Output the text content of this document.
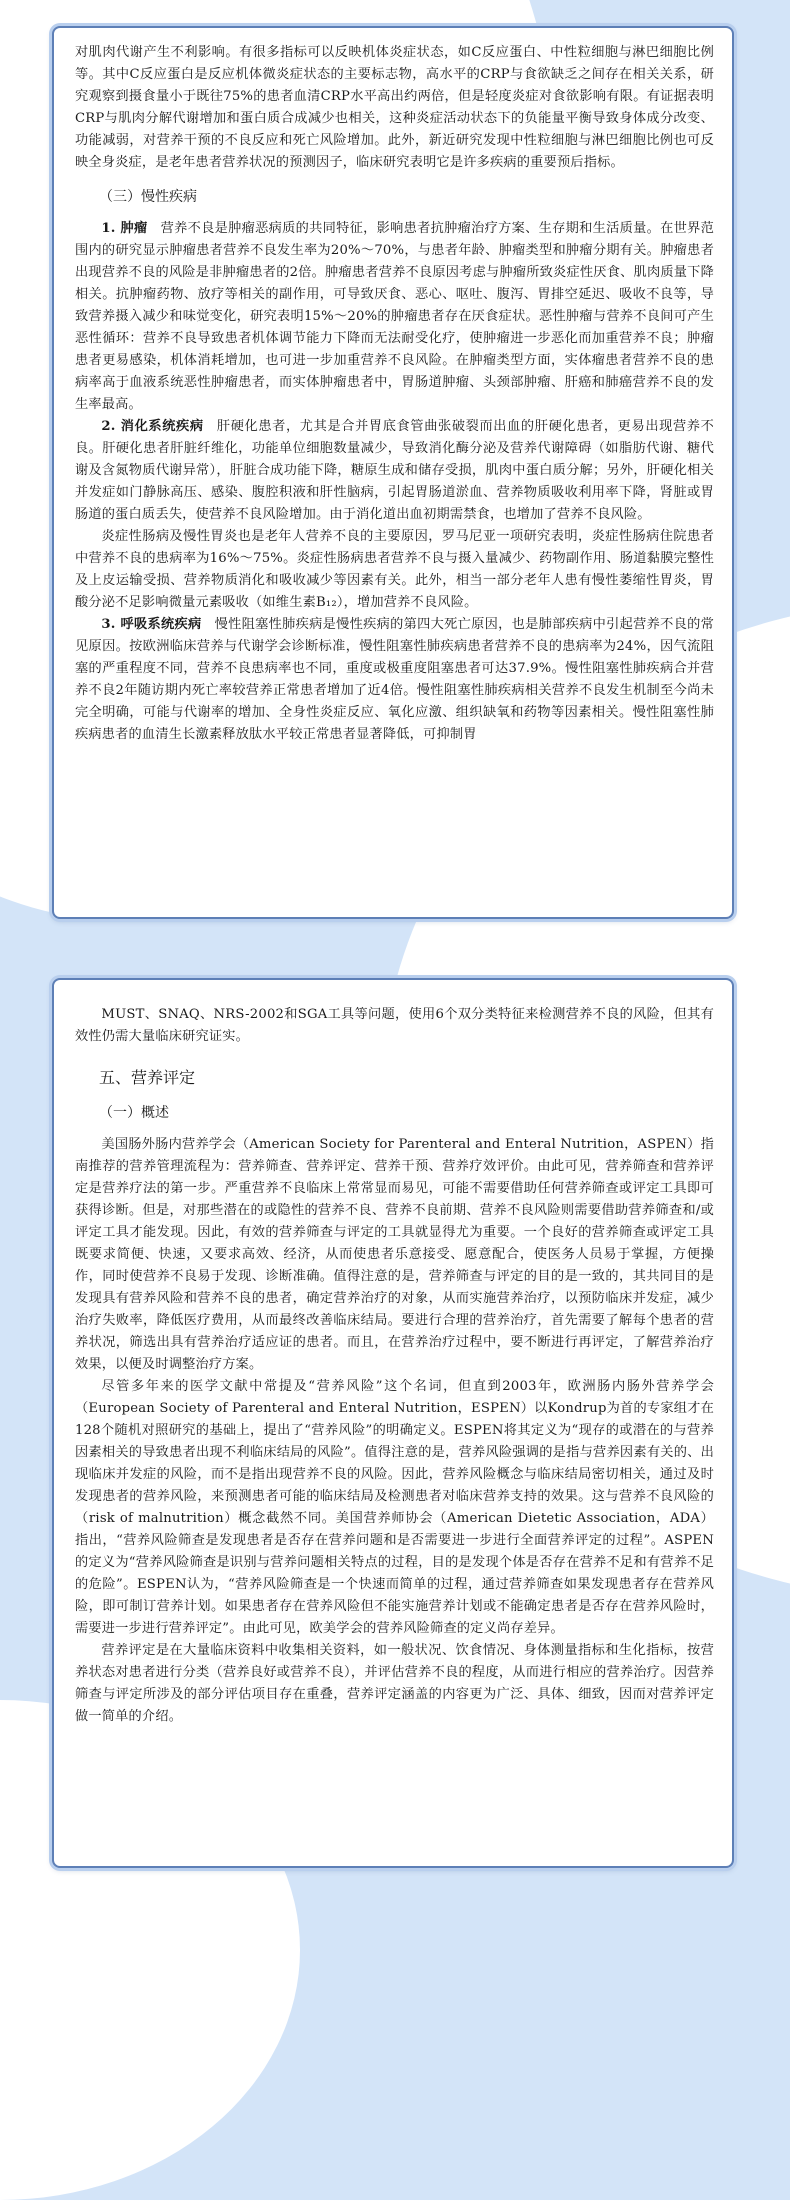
对肌肉代谢产生不利影响。有很多指标可以反映机体炎症状态，如C反应蛋白、中性粒细胞与淋巴细胞比例等。其中C反应蛋白是反应机体微炎症状态的主要标志物，高水平的CRP与食欲缺乏之间存在相关关系，研究观察到摄食量小于既往75%的患者血清CRP水平高出约两倍，但是轻度炎症对食欲影响有限。有证据表明CRP与肌肉分解代谢增加和蛋白质合成减少也相关，这种炎症活动状态下的负能量平衡导致身体成分改变、功能减弱，对营养干预的不良反应和死亡风险增加。此外，新近研究发现中性粒细胞与淋巴细胞比例也可反映全身炎症，是老年患者营养状况的预测因子，临床研究表明它是许多疾病的重要预后指标。

（三）慢性疾病

1. 肿瘤 营养不良是肿瘤恶病质的共同特征，影响患者抗肿瘤治疗方案、生存期和生活质量。在世界范围内的研究显示肿瘤患者营养不良发生率为20%～70%，与患者年龄、肿瘤类型和肿瘤分期有关。肿瘤患者出现营养不良的风险是非肿瘤患者的2倍。肿瘤患者营养不良原因考虑与肿瘤所致炎症性厌食、肌肉质量下降相关。抗肿瘤药物、放疗等相关的副作用，可导致厌食、恶心、呕吐、腹泻、胃排空延迟、吸收不良等，导致营养摄入减少和味觉变化，研究表明15%～20%的肿瘤患者存在厌食症状。恶性肿瘤与营养不良间可产生恶性循环：营养不良导致患者机体调节能力下降而无法耐受化疗，使肿瘤进一步恶化而加重营养不良；肿瘤患者更易感染，机体消耗增加，也可进一步加重营养不良风险。在肿瘤类型方面，实体瘤患者营养不良的患病率高于血液系统恶性肿瘤患者，而实体肿瘤患者中，胃肠道肿瘤、头颈部肿瘤、肝癌和肺癌营养不良的发生率最高。

2. 消化系统疾病 肝硬化患者，尤其是合并胃底食管曲张破裂而出血的肝硬化患者，更易出现营养不良。肝硬化患者肝脏纤维化，功能单位细胞数量减少，导致消化酶分泌及营养代谢障碍（如脂肪代谢、糖代谢及含氮物质代谢异常），肝脏合成功能下降，糖原生成和储存受损，肌肉中蛋白质分解；另外，肝硬化相关并发症如门静脉高压、感染、腹腔积液和肝性脑病，引起胃肠道淤血、营养物质吸收利用率下降，肾脏或胃肠道的蛋白质丢失，使营养不良风险增加。由于消化道出血初期需禁食，也增加了营养不良风险。

炎症性肠病及慢性胃炎也是老年人营养不良的主要原因，罗马尼亚一项研究表明，炎症性肠病住院患者中营养不良的患病率为16%～75%。炎症性肠病患者营养不良与摄入量减少、药物副作用、肠道黏膜完整性及上皮运输受损、营养物质消化和吸收减少等因素有关。此外，相当一部分老年人患有慢性萎缩性胃炎，胃酸分泌不足影响微量元素吸收（如维生素B₁₂），增加营养不良风险。

3. 呼吸系统疾病 慢性阻塞性肺疾病是慢性疾病的第四大死亡原因，也是肺部疾病中引起营养不良的常见原因。按欧洲临床营养与代谢学会诊断标准，慢性阻塞性肺疾病患者营养不良的患病率为24%，因气流阻塞的严重程度不同，营养不良患病率也不同，重度或极重度阻塞患者可达37.9%。慢性阻塞性肺疾病合并营养不良2年随访期内死亡率较营养正常患者增加了近4倍。慢性阻塞性肺疾病相关营养不良发生机制至今尚未完全明确，可能与代谢率的增加、全身性炎症反应、氧化应激、组织缺氧和药物等因素相关。慢性阻塞性肺疾病患者的血清生长激素释放肽水平较正常患者显著降低，可抑制胃

MUST、SNAQ、NRS-2002和SGA工具等问题，使用6个双分类特征来检测营养不良的风险，但其有效性仍需大量临床研究证实。

五、营养评定
（一）概述

美国肠外肠内营养学会（American Society for Parenteral and Enteral Nutrition，ASPEN）指南推荐的营养管理流程为：营养筛查、营养评定、营养干预、营养疗效评价。由此可见，营养筛查和营养评定是营养疗法的第一步。严重营养不良临床上常常显而易见，可能不需要借助任何营养筛查或评定工具即可获得诊断。但是，对那些潜在的或隐性的营养不良、营养不良前期、营养不良风险则需要借助营养筛查和/或评定工具才能发现。因此，有效的营养筛查与评定的工具就显得尤为重要。一个良好的营养筛查或评定工具既要求简便、快速，又要求高效、经济，从而使患者乐意接受、愿意配合，使医务人员易于掌握，方便操作，同时使营养不良易于发现、诊断准确。值得注意的是，营养筛查与评定的目的是一致的，其共同目的是发现具有营养风险和营养不良的患者，确定营养治疗的对象，从而实施营养治疗，以预防临床并发症，减少治疗失败率，降低医疗费用，从而最终改善临床结局。要进行合理的营养治疗，首先需要了解每个患者的营养状况，筛选出具有营养治疗适应证的患者。而且，在营养治疗过程中，要不断进行再评定，了解营养治疗效果，以便及时调整治疗方案。

尽管多年来的医学文献中常提及“营养风险”这个名词，但直到2003年，欧洲肠内肠外营养学会（European Society of Parenteral and Enteral Nutrition，ESPEN）以Kondrup为首的专家组才在128个随机对照研究的基础上，提出了“营养风险”的明确定义。ESPEN将其定义为“现存的或潜在的与营养因素相关的导致患者出现不利临床结局的风险”。值得注意的是，营养风险强调的是指与营养因素有关的、出现临床并发症的风险，而不是指出现营养不良的风险。因此，营养风险概念与临床结局密切相关，通过及时发现患者的营养风险，来预测患者可能的临床结局及检测患者对临床营养支持的效果。这与营养不良风险的（risk of malnutrition）概念截然不同。美国营养师协会（American Dietetic Association，ADA）指出，“营养风险筛查是发现患者是否存在营养问题和是否需要进一步进行全面营养评定的过程”。ASPEN的定义为“营养风险筛查是识别与营养问题相关特点的过程，目的是发现个体是否存在营养不足和有营养不足的危险”。ESPEN认为，“营养风险筛查是一个快速而简单的过程，通过营养筛查如果发现患者存在营养风险，即可制订营养计划。如果患者存在营养风险但不能实施营养计划或不能确定患者是否存在营养风险时，需要进一步进行营养评定”。由此可见，欧美学会的营养风险筛查的定义尚存差异。

营养评定是在大量临床资料中收集相关资料，如一般状况、饮食情况、身体测量指标和生化指标，按营养状态对患者进行分类（营养良好或营养不良），并评估营养不良的程度，从而进行相应的营养治疗。因营养筛查与评定所涉及的部分评估项目存在重叠，营养评定涵盖的内容更为广泛、具体、细致，因而对营养评定做一简单的介绍。
